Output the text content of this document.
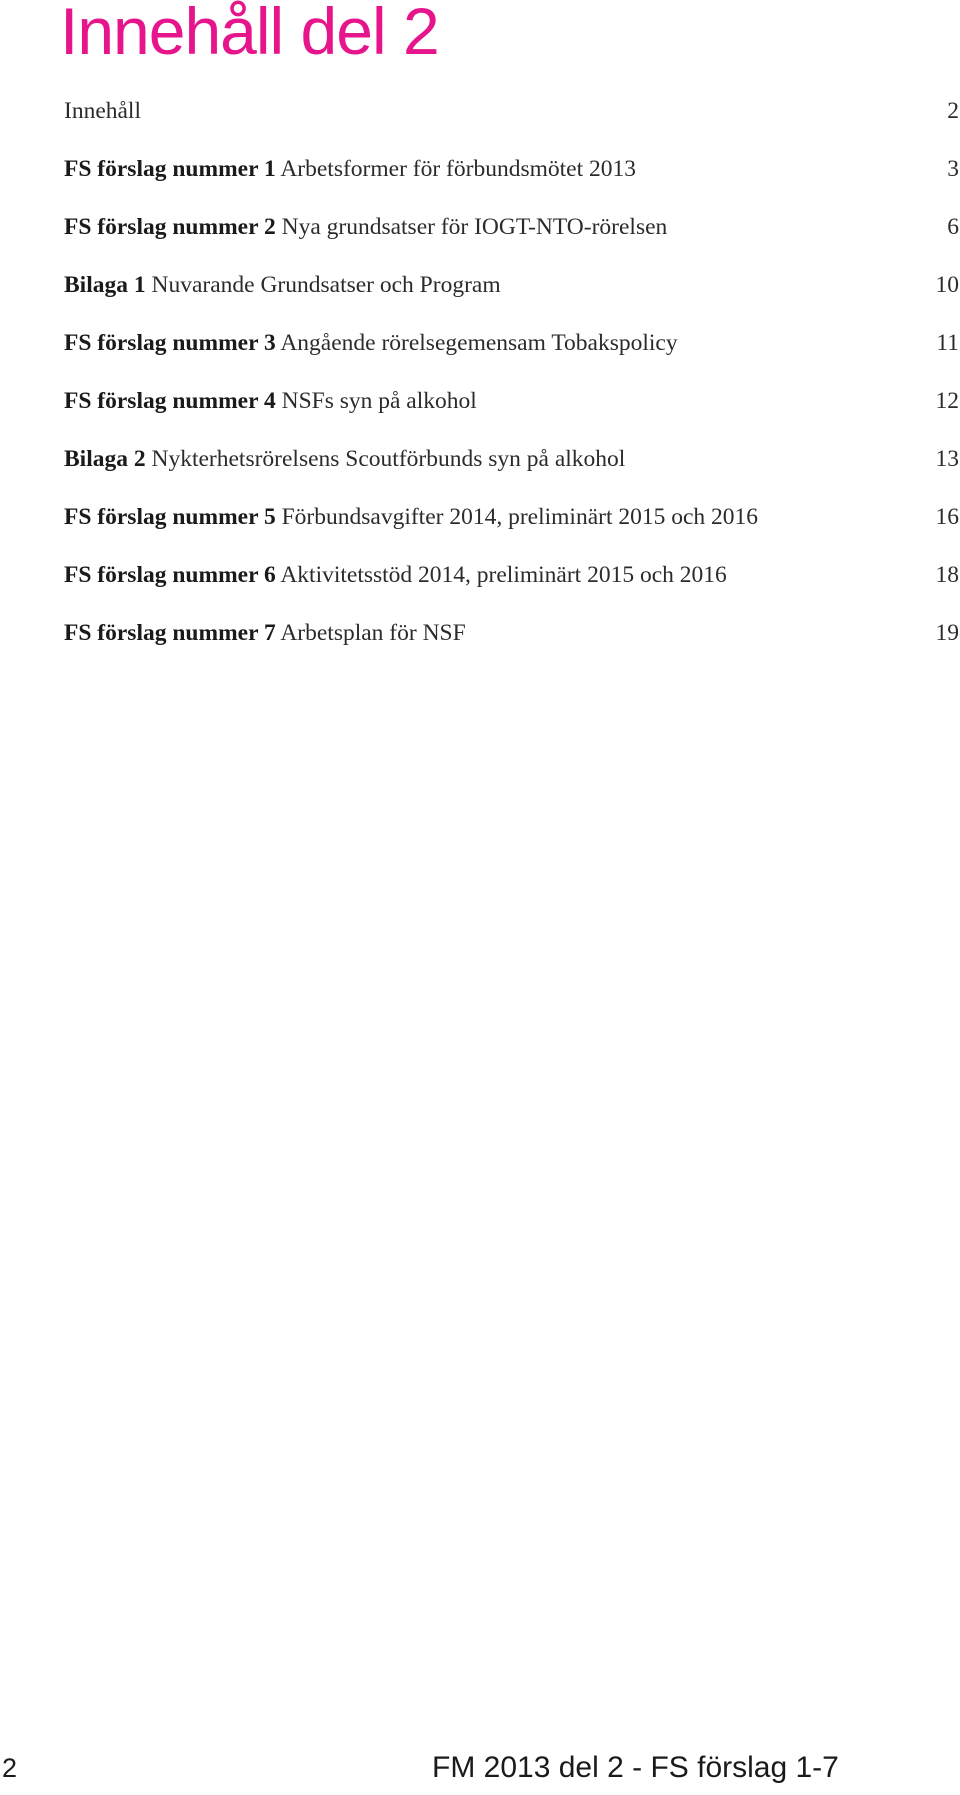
Innehåll del 2
Innehåll	2
FS förslag nummer 1 Arbetsformer för förbundsmötet 2013	3
FS förslag nummer 2 Nya grundsatser för IOGT-NTO-rörelsen	6
Bilaga 1 Nuvarande Grundsatser och Program	10
FS förslag nummer 3 Angående rörelsegemensam Tobakspolicy	11
FS förslag nummer 4 NSFs syn på alkohol	12
Bilaga 2 Nykterhetsrörelsens Scoutförbunds syn på alkohol	13
FS förslag nummer 5 Förbundsavgifter 2014, preliminärt 2015 och 2016	16
FS förslag nummer 6 Aktivitetsstöd 2014, preliminärt 2015 och 2016	18
FS förslag nummer 7 Arbetsplan för NSF	19
2	FM 2013 del 2 - FS förslag 1-7
